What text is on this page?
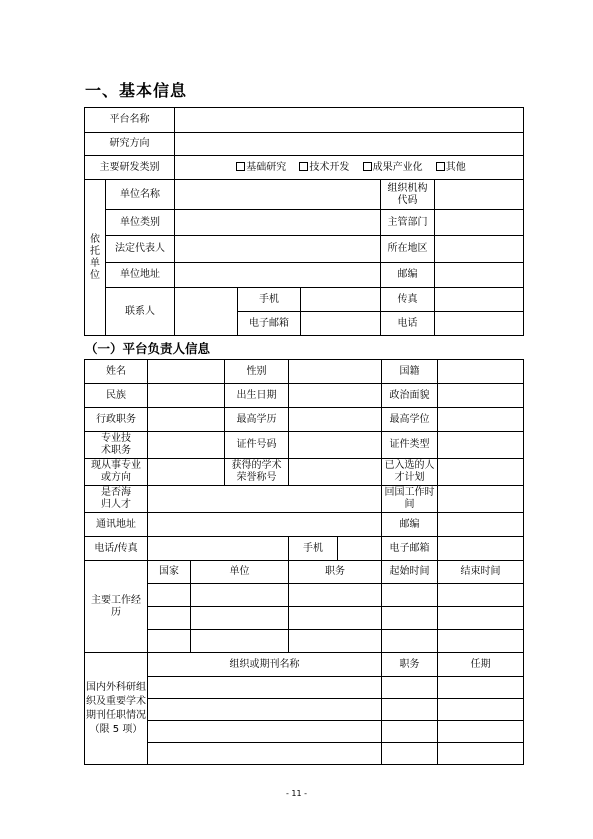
一、基本信息
平台名称						
研究方向						
主要研发类别		基础研究 技术开发 成果产业化 其他				
依
托
单
位	单位名称				组织机构代码	
	单位类别				主管部门	
	法定代表人				所在地区	
	单位地址				邮编	
	联系人		手机		传真	
			电子邮箱		电话	
（一）平台负责人信息
姓名			性别			国籍	
民族			出生日期			政治面貌	
行政职务			最高学历			最高学位	
专业技术职务			证件号码			证件类型	
现从事专业或方向			获得的学术荣誉称号			已入选的人才计划	
是否海归人才						回国工作时间	
通讯地址						邮编	
电话/传真				手机		电子邮箱	
主要工作经历	国家	单位		职务		起始时间	结束时间

国内外科研组织及重要学术期刊任职情况（限 5 项）	组织或期刊名称					职务	任期

- 11 -
